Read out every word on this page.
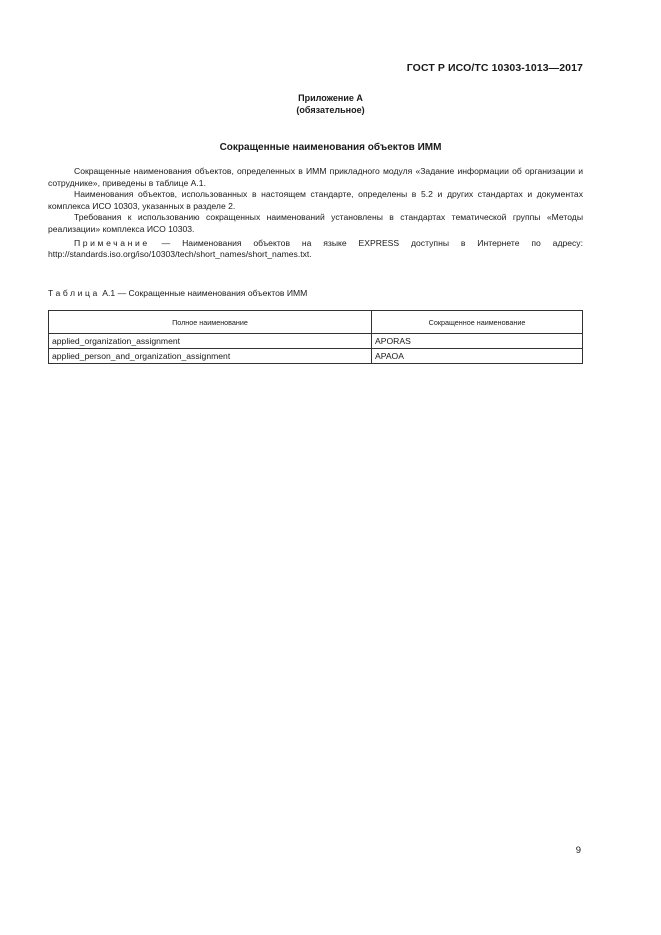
ГОСТ Р ИСО/ТС 10303-1013—2017
Приложение А
(обязательное)
Сокращенные наименования объектов ИММ

Сокращенные наименования объектов, определенных в ИММ прикладного модуля «Задание информации об организации и сотруднике», приведены в таблице А.1.

Наименования объектов, использованных в настоящем стандарте, определены в 5.2 и других стандартах и документах комплекса ИСО 10303, указанных в разделе 2.

Требования к использованию сокращенных наименований установлены в стандартах тематической группы «Методы реализации» комплекса ИСО 10303.

Примечание — Наименования объектов на языке EXPRESS доступны в Интернете по адресу: http://standards.iso.org/iso/10303/tech/short_names/short_names.txt.

Таблица А.1 — Сокращенные наименования объектов ИММ
Полное наименование	Сокращенное наименование
applied_organization_assignment	APORAS
applied_person_and_organization_assignment	APAOA
9
